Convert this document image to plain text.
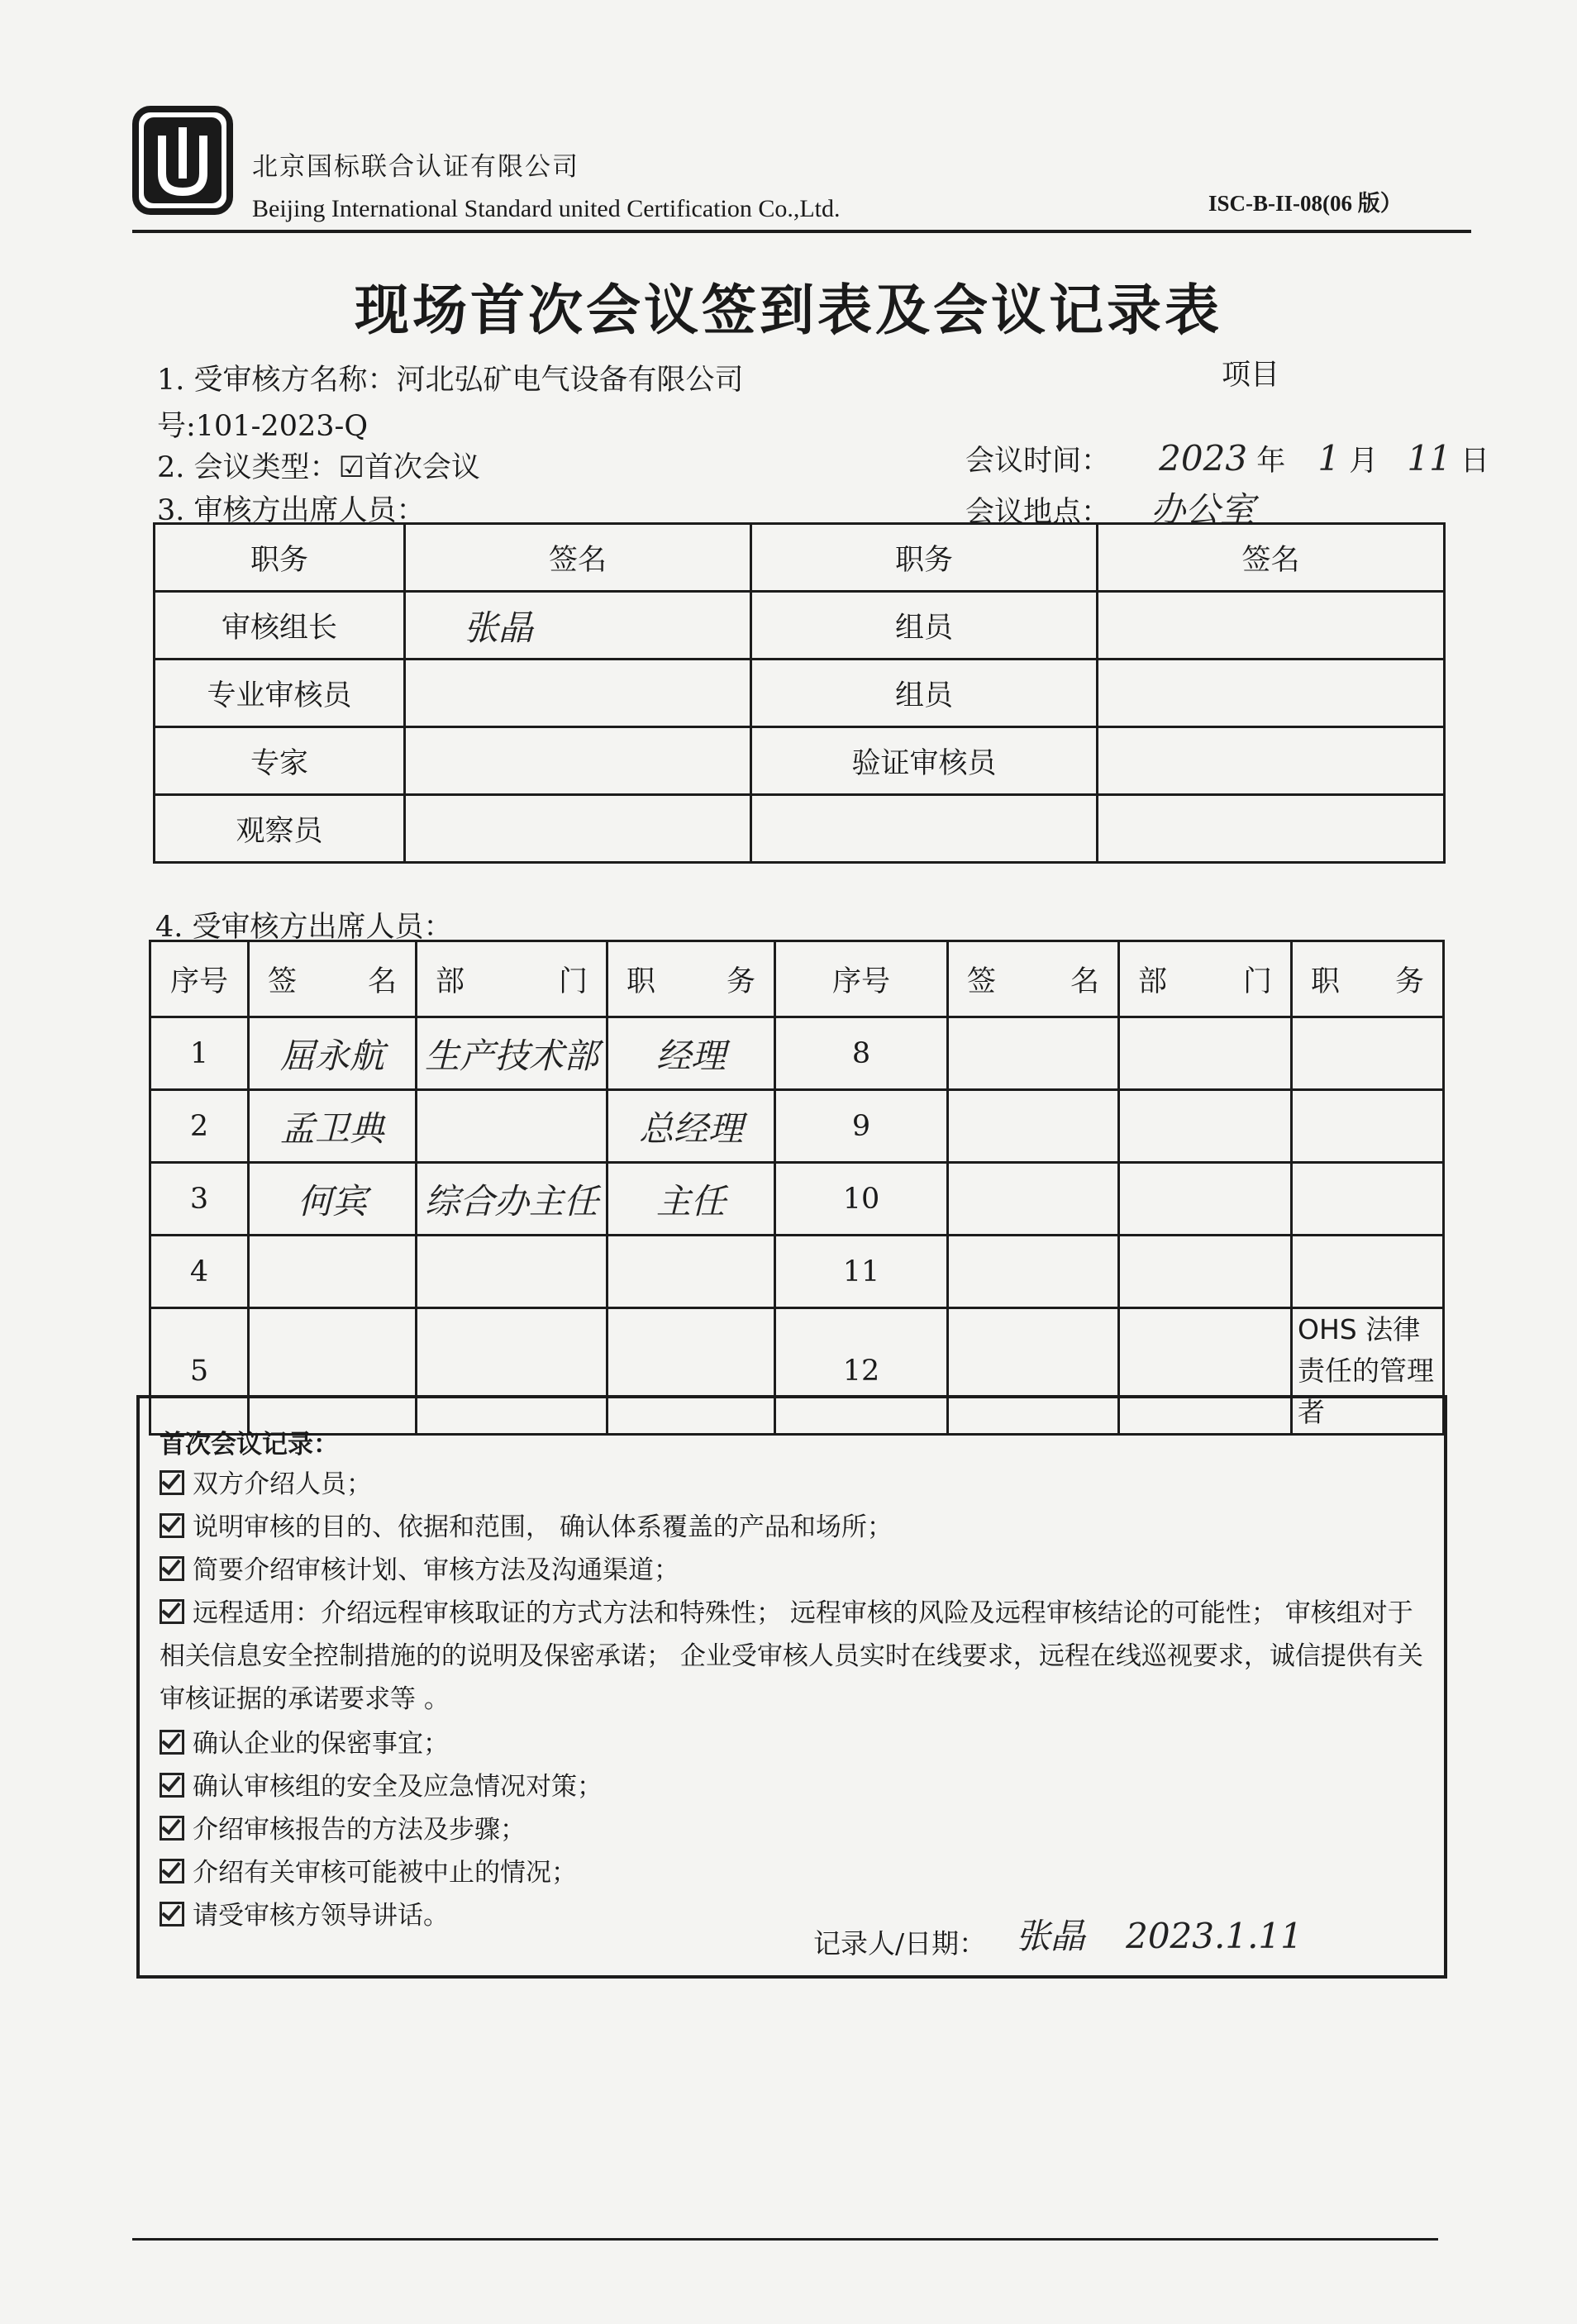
北京国标联合认证有限公司
Beijing International Standard united Certification Co.,Ltd.	ISC-B-II-08(06 版）
现场首次会议签到表及会议记录表
1. 受审核方名称：河北弘矿电气设备有限公司	项目
号:101-2023-Q
2. 会议类型：☑首次会议	会议时间： 2023 年 1 月 11 日
3. 审核方出席人员：	会议地点： 办公室
职务	签名	职务	签名
审核组长	张晶	组员	
专业审核员		组员	
专家		验证审核员	
观察员			
4. 受审核方出席人员：
序号	签 名	部 门	职 务	序号	签 名	部 门	职 务

1	屈永航	生产技术部	经理	8			
2	孟卫典		总经理	9			
3	何宾	综合办主任	主任	10			
4				11			
5				12			OHS 法律责任的管理者
首次会议记录：
双方介绍人员；
说明审核的目的、依据和范围， 确认体系覆盖的产品和场所；
简要介绍审核计划、审核方法及沟通渠道；
远程适用：介绍远程审核取证的方式方法和特殊性； 远程审核的风险及远程审核结论的可能性； 审核组对于相关信息安全控制措施的的说明及保密承诺； 企业受审核人员实时在线要求，远程在线巡视要求，诚信提供有关审核证据的承诺要求等 。
确认企业的保密事宜；
确认审核组的安全及应急情况对策；
介绍审核报告的方法及步骤；
介绍有关审核可能被中止的情况；
请受审核方领导讲话。
记录人/日期： 张晶 2023.1.11
